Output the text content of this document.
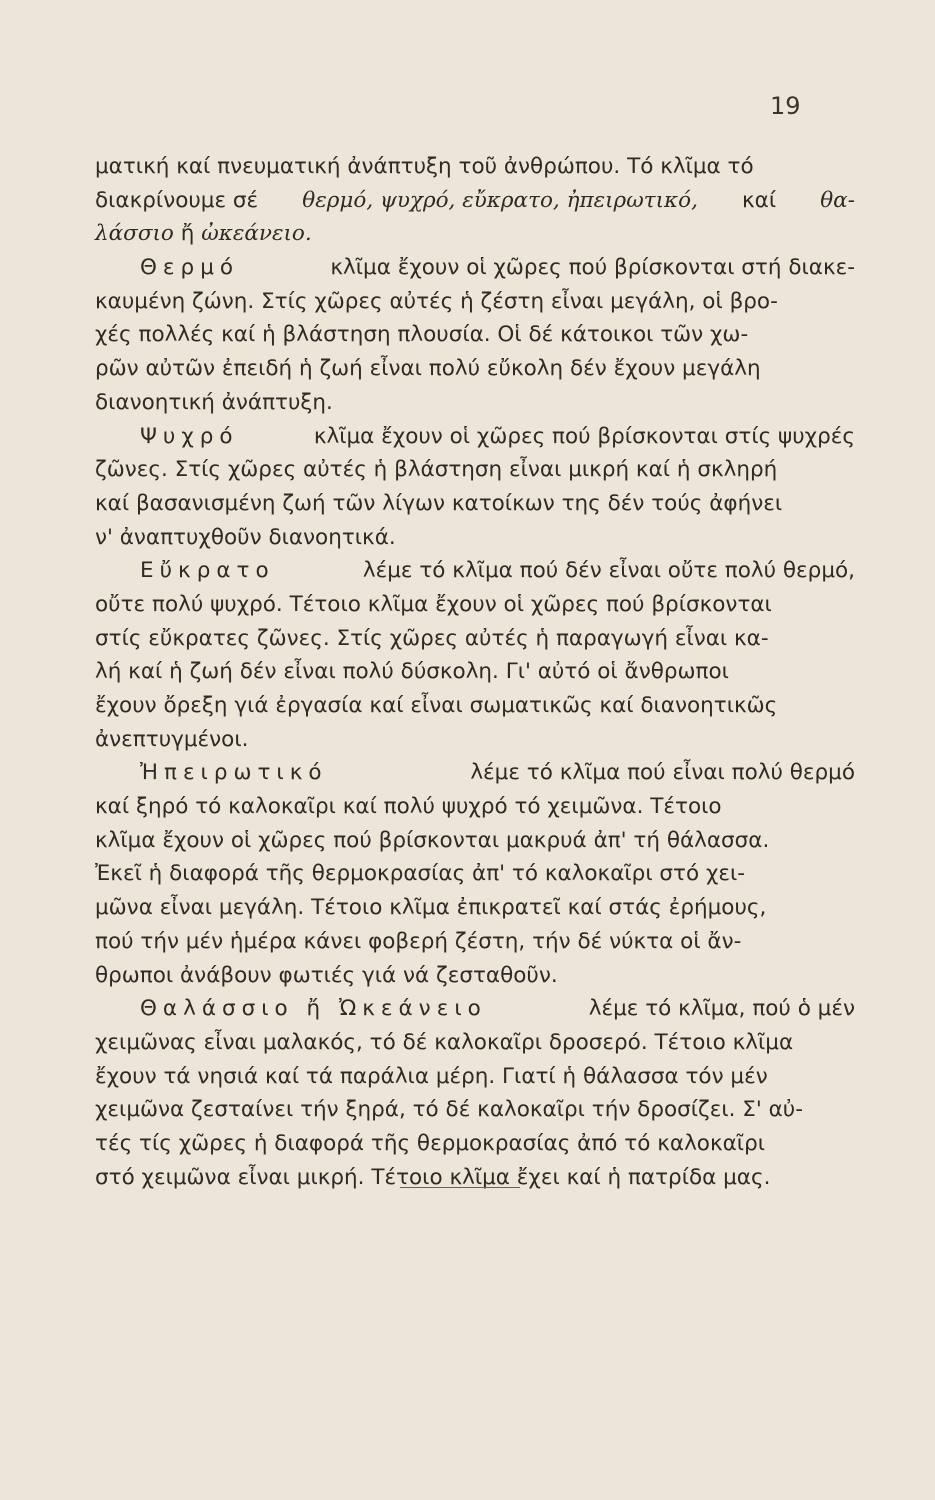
19
ματική καί πνευματική ἀνάπτυξη τοῦ ἀνθρώπου. Τό κλῖμα τό
διακρίνουμε σέ θερμό, ψυχρό, εὔκρατο, ἠπειρωτικό, καί θα-
λάσσιο
ἤ
ὠκεάνειο.
Θερμό	κλῖμα ἔχουν οἱ χῶρες πού βρίσκονται στή διακε-
καυμένη ζώνη. Στίς χῶρες αὐτές ἡ ζέστη εἶναι μεγάλη, οἱ βρο-
χές πολλές καί ἡ βλάστηση πλουσία. Οἱ δέ κάτοικοι τῶν χω-
ρῶν αὐτῶν ἐπειδή ἡ ζωή εἶναι πολύ εὔκολη δέν ἔχουν μεγάλη
διανοητική ἀνάπτυξη.
Ψυχρό	κλῖμα ἔχουν οἱ χῶρες πού βρίσκονται στίς ψυχρές
ζῶνες. Στίς χῶρες αὐτές ἡ βλάστηση εἶναι μικρή καί ἡ σκληρή
καί βασανισμένη ζωή τῶν λίγων κατοίκων της δέν τούς ἀφήνει
ν' ἀναπτυχθοῦν διανοητικά.
Εὔκρατο	λέμε τό κλῖμα πού δέν εἶναι οὔτε πολύ θερμό,
οὔτε πολύ ψυχρό. Τέτοιο κλῖμα ἔχουν οἱ χῶρες πού βρίσκονται
στίς εὔκρατες ζῶνες. Στίς χῶρες αὐτές ἡ παραγωγή εἶναι κα-
λή καί ἡ ζωή δέν εἶναι πολύ δύσκολη. Γι' αὐτό οἱ ἄνθρωποι
ἔχουν ὄρεξη γιά ἐργασία καί εἶναι σωματικῶς καί διανοητικῶς
ἀνεπτυγμένοι.
Ἠπειρωτικό	λέμε τό κλῖμα πού εἶναι πολύ θερμό
καί ξηρό τό καλοκαῖρι καί πολύ ψυχρό τό χειμῶνα. Τέτοιο
κλῖμα ἔχουν οἱ χῶρες πού βρίσκονται μακρυά ἀπ' τή θάλασσα.
Ἐκεῖ ἡ διαφορά τῆς θερμοκρασίας ἀπ' τό καλοκαῖρι στό χει-
μῶνα εἶναι μεγάλη. Τέτοιο κλῖμα ἐπικρατεῖ καί στάς ἐρήμους,
πού τήν μέν ἡμέρα κάνει φοβερή ζέστη, τήν δέ νύκτα οἱ ἄν-
θρωποι ἀνάβουν φωτιές γιά νά ζεσταθοῦν.
Θαλάσσιο ἤ Ὠκεάνειο	λέμε τό κλῖμα, πού ὁ μέν
χειμῶνας εἶναι μαλακός, τό δέ καλοκαῖρι δροσερό. Τέτοιο κλῖμα
ἔχουν τά νησιά καί τά παράλια μέρη. Γιατί ἡ θάλασσα τόν μέν
χειμῶνα ζεσταίνει τήν ξηρά, τό δέ καλοκαῖρι τήν δροσίζει. Σ' αὐ-
τές τίς χῶρες ἡ διαφορά τῆς θερμοκρασίας ἀπό τό καλοκαῖρι
στό χειμῶνα εἶναι μικρή. Τέτοιο κλῖμα ἔχει καί ἡ πατρίδα μας.
